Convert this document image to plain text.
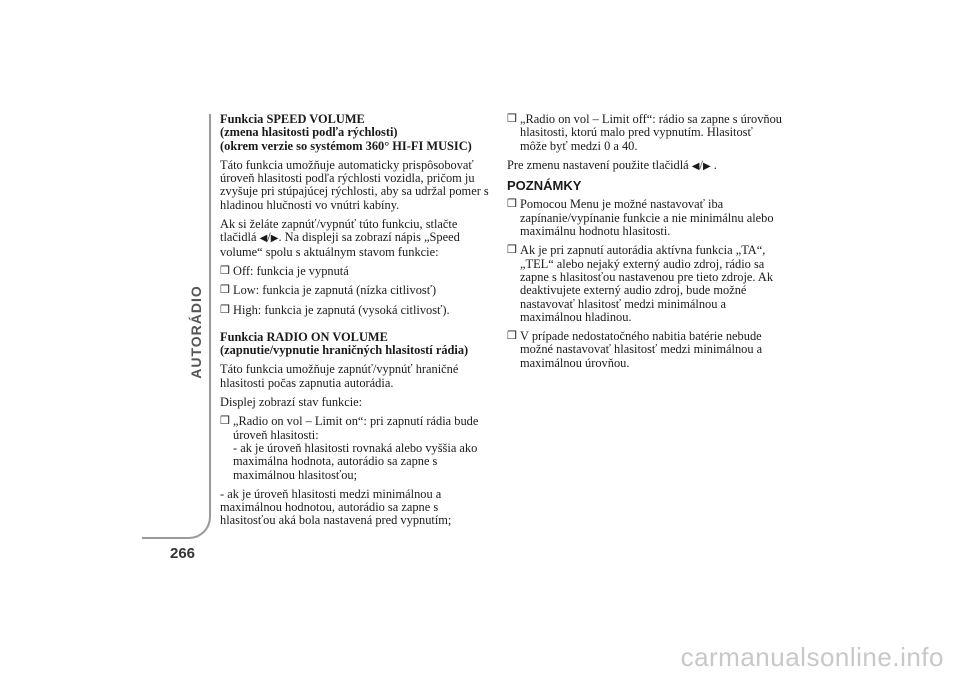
AUTORÁDIO
266
Funkcia SPEED VOLUME
(zmena hlasitosti podľa rýchlosti)
(okrem verzie so systémom 360° HI-FI MUSIC)

Táto funkcia umožňuje automaticky prispôsobovať úroveň hlasitosti podľa rýchlosti vozidla, pričom ju zvyšuje pri stúpajúcej rýchlosti, aby sa udržal pomer s hladinou hlučnosti vo vnútri kabíny.

Ak si želáte zapnúť/vypnúť túto funkciu, stlačte tlačidlá ◀/▶. Na displeji sa zobrazí nápis „Speed volume“ spolu s aktuálnym stavom funkcie:

❒ Off: funkcia je vypnutá
❒ Low: funkcia je zapnutá (nízka citlivosť)
❒ High: funkcia je zapnutá (vysoká citlivosť).
Funkcia RADIO ON VOLUME
(zapnutie/vypnutie hraničných hlasitostí rádia)

Táto funkcia umožňuje zapnúť/vypnúť hraničné hlasitosti počas zapnutia autorádia.

Displej zobrazí stav funkcie:

❒ „Radio on vol – Limit on“: pri zapnutí rádia bude úroveň hlasitosti:
- ak je úroveň hlasitosti rovnaká alebo vyššia ako maximálna hodnota, autorádio sa zapne s maximálnou hlasitosťou;

- ak je úroveň hlasitosti medzi minimálnou a maximálnou hodnotou, autorádio sa zapne s hlasitosťou aká bola nastavená pred vypnutím;

❒ „Radio on vol – Limit off“: rádio sa zapne s úrovňou hlasitosti, ktorú malo pred vypnutím. Hlasitosť môže byť medzi 0 a 40.

Pre zmenu nastavení použite tlačidlá ◀/▶ .

POZNÁMKY
❒ Pomocou Menu je možné nastavovať iba zapínanie/vypínanie funkcie a nie minimálnu alebo maximálnu hodnotu hlasitosti.
❒ Ak je pri zapnutí autorádia aktívna funkcia „TA“, „TEL“ alebo nejaký externý audio zdroj, rádio sa zapne s hlasitosťou nastavenou pre tieto zdroje. Ak deaktivujete externý audio zdroj, bude možné nastavovať hlasitosť medzi minimálnou a maximálnou hladinou.
❒ V prípade nedostatočného nabitia batérie nebude možné nastavovať hlasitosť medzi minimálnou a maximálnou úrovňou.
carmanualsonline.info
